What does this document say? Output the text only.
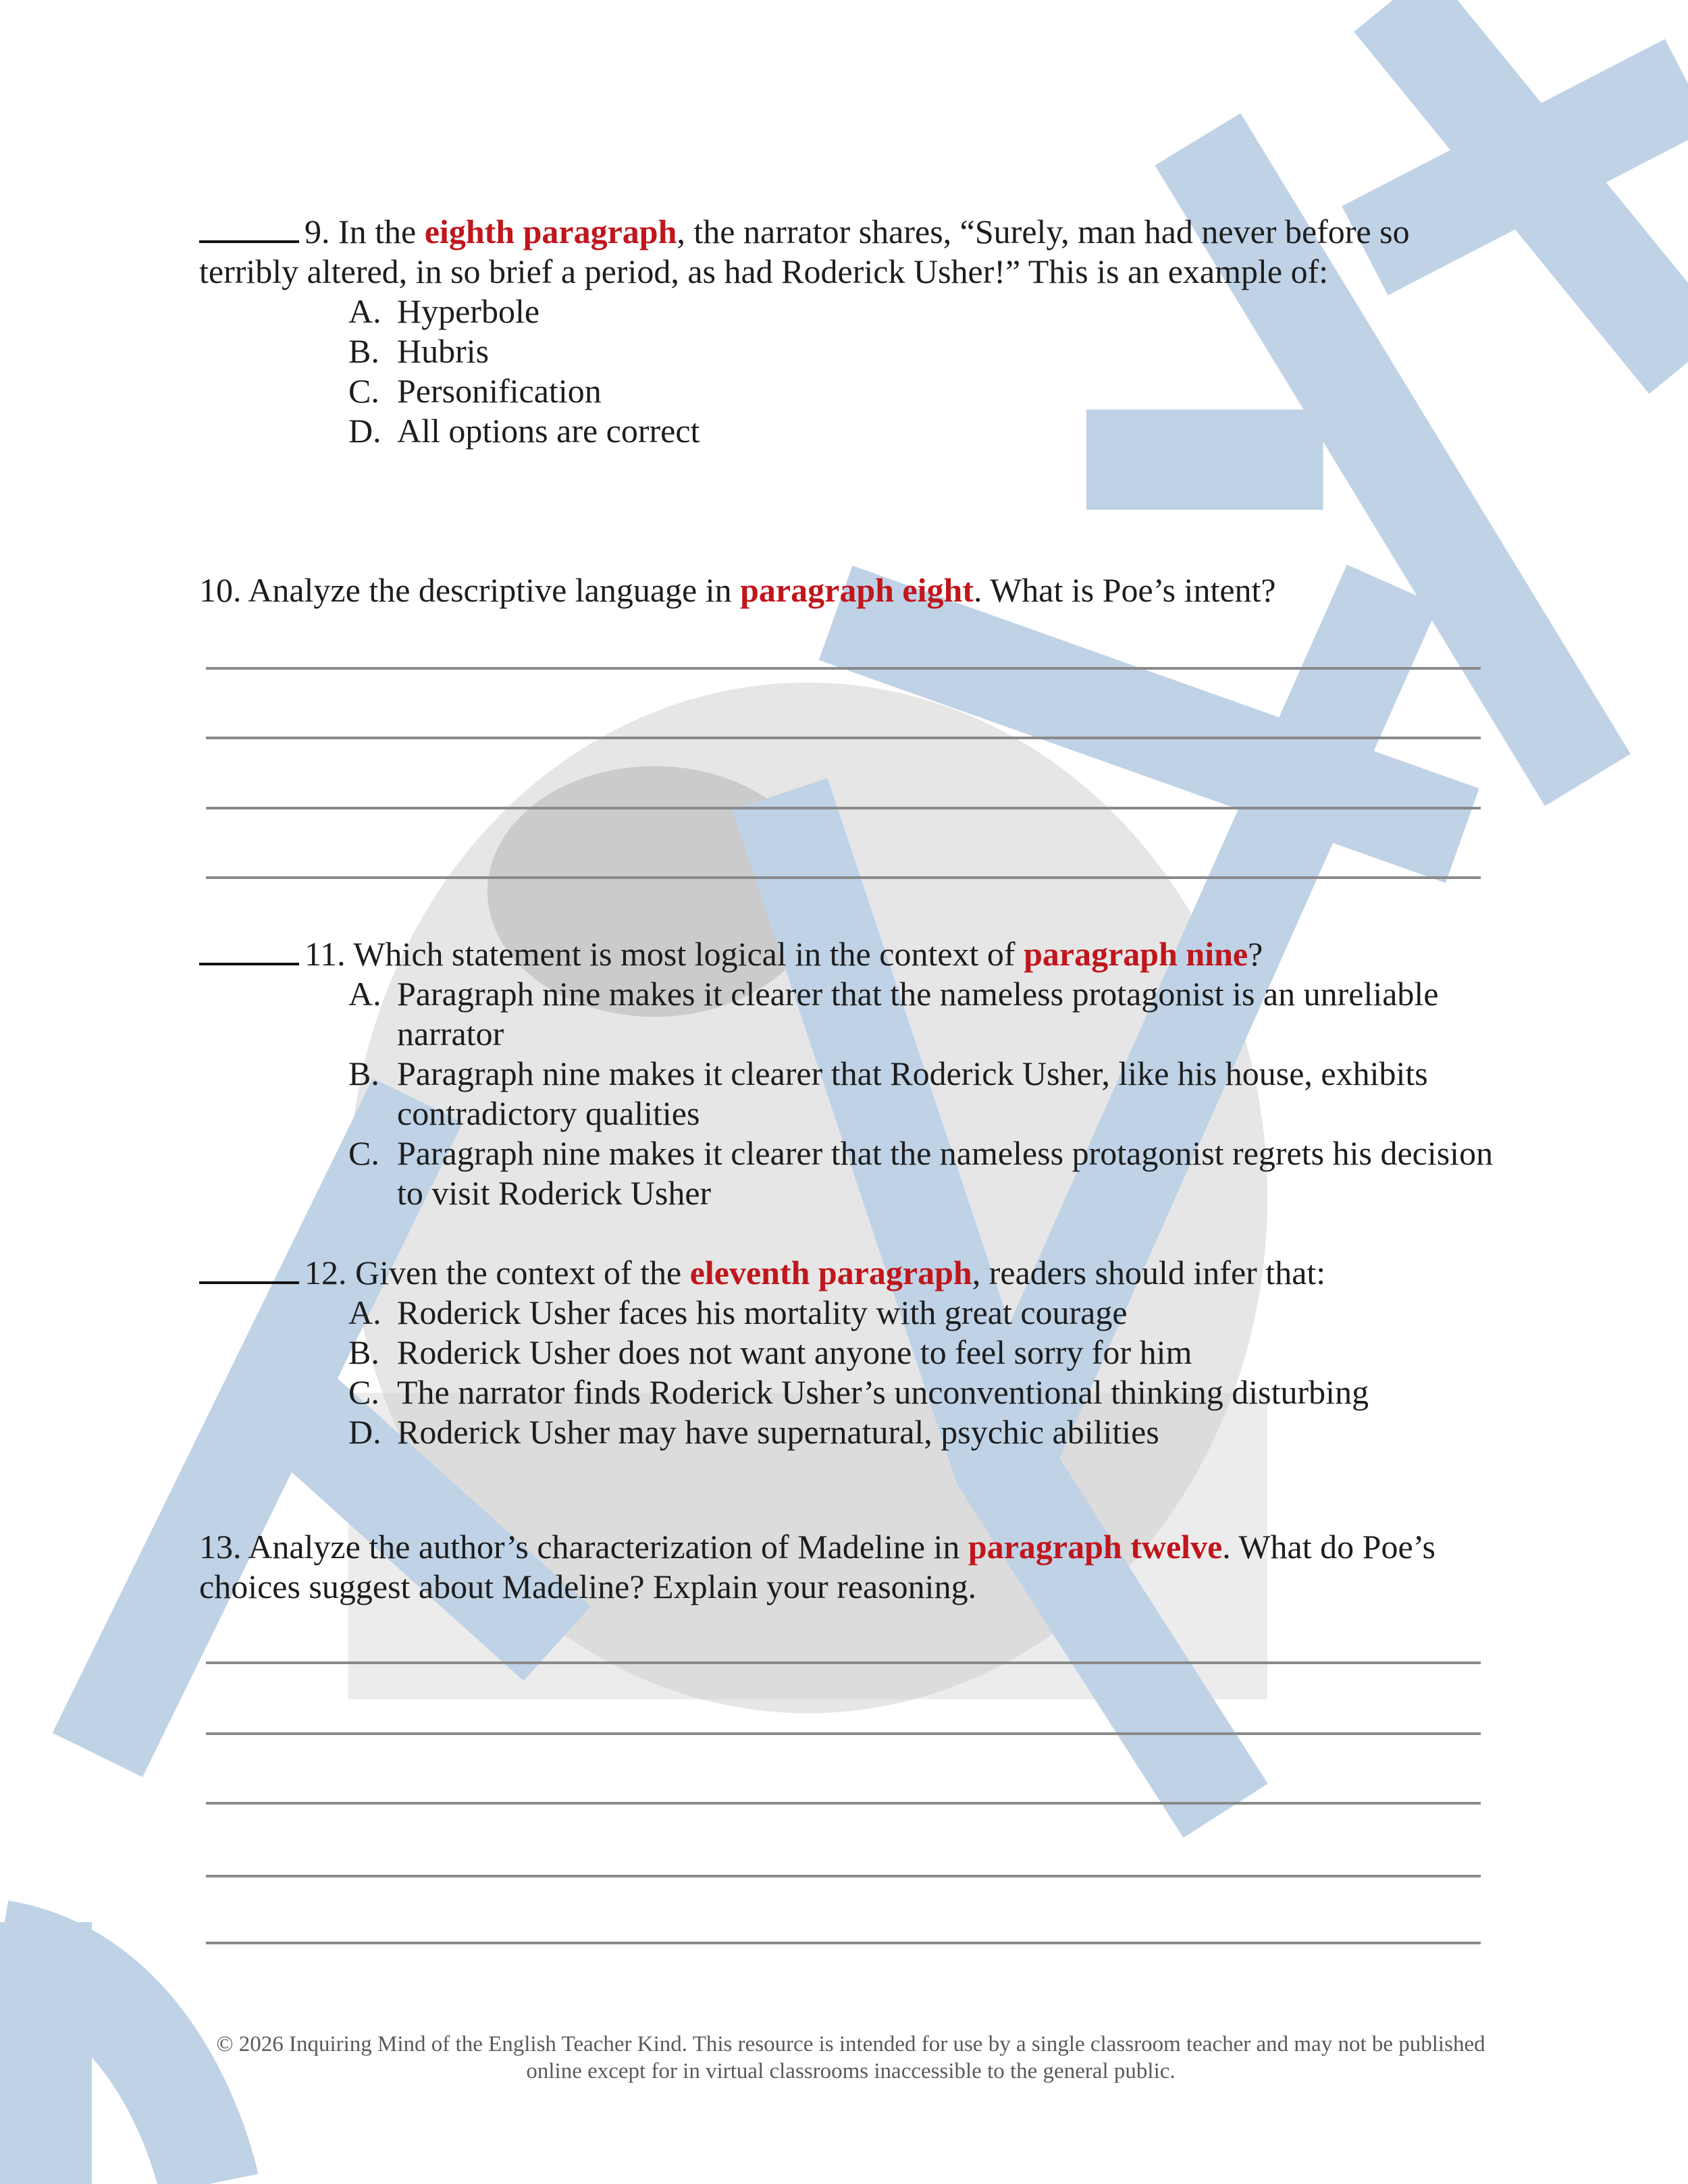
9. In the eighth paragraph, the narrator shares, “Surely, man had never before so terribly altered, in so brief a period, as had Roderick Usher!” This is an example of:
A. Hyperbole
B. Hubris
C. Personification
D. All options are correct
10. Analyze the descriptive language in paragraph eight. What is Poe’s intent?
11. Which statement is most logical in the context of paragraph nine?
A. Paragraph nine makes it clearer that the nameless protagonist is an unreliable narrator
B. Paragraph nine makes it clearer that Roderick Usher, like his house, exhibits contradictory qualities
C. Paragraph nine makes it clearer that the nameless protagonist regrets his decision to visit Roderick Usher
12. Given the context of the eleventh paragraph, readers should infer that:
A. Roderick Usher faces his mortality with great courage
B. Roderick Usher does not want anyone to feel sorry for him
C. The narrator finds Roderick Usher’s unconventional thinking disturbing
D. Roderick Usher may have supernatural, psychic abilities
13. Analyze the author’s characterization of Madeline in paragraph twelve. What do Poe’s choices suggest about Madeline? Explain your reasoning.
© 2026 Inquiring Mind of the English Teacher Kind. This resource is intended for use by a single classroom teacher and may not be published online except for in virtual classrooms inaccessible to the general public.
